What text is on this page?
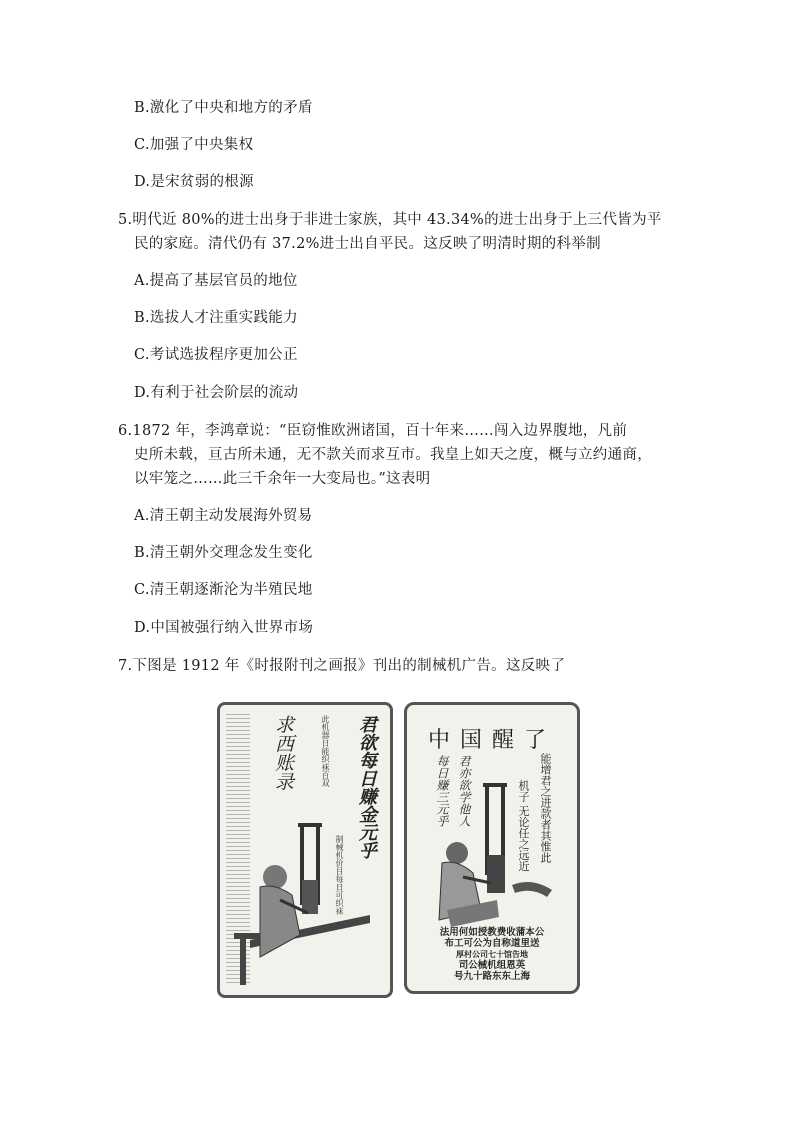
B.激化了中央和地方的矛盾
C.加强了中央集权
D.是宋贫弱的根源
5.明代近 80%的进士出身于非进士家族，其中 43.34%的进士出身于上三代皆为平
民的家庭。清代仍有 37.2%进士出自平民。这反映了明清时期的科举制
A.提高了基层官员的地位
B.选拔人才注重实践能力
C.考试选拔程序更加公正
D.有利于社会阶层的流动
6.1872 年，李鸿章说：“臣窃惟欧洲诸国，百十年来……闯入边界腹地，凡前
史所未载，亘古所未通，无不款关而求互市。我皇上如天之度，概与立约通商，
以牢笼之……此三千余年一大变局也。”这表明
A.清王朝主动发展海外贸易
B.清王朝外交理念发生变化
C.清王朝逐渐沦为半殖民地
D.中国被强行纳入世界市场
7.下图是 1912 年《时报附刊之画报》刊出的制械机广告。这反映了
君欲每日赚金元乎
求西账录	此机器日能织袜百双
制械机价目每日可织袜
中国醒了
能增君之进款者其惟此
机子 无论任之远近
君亦欲学他人
每日赚三元乎
法用何如授教费收蒲本公
布工可公为自称道里送
厚村公司七十馆告地
司公械机组恩英
号九十路东东上海
